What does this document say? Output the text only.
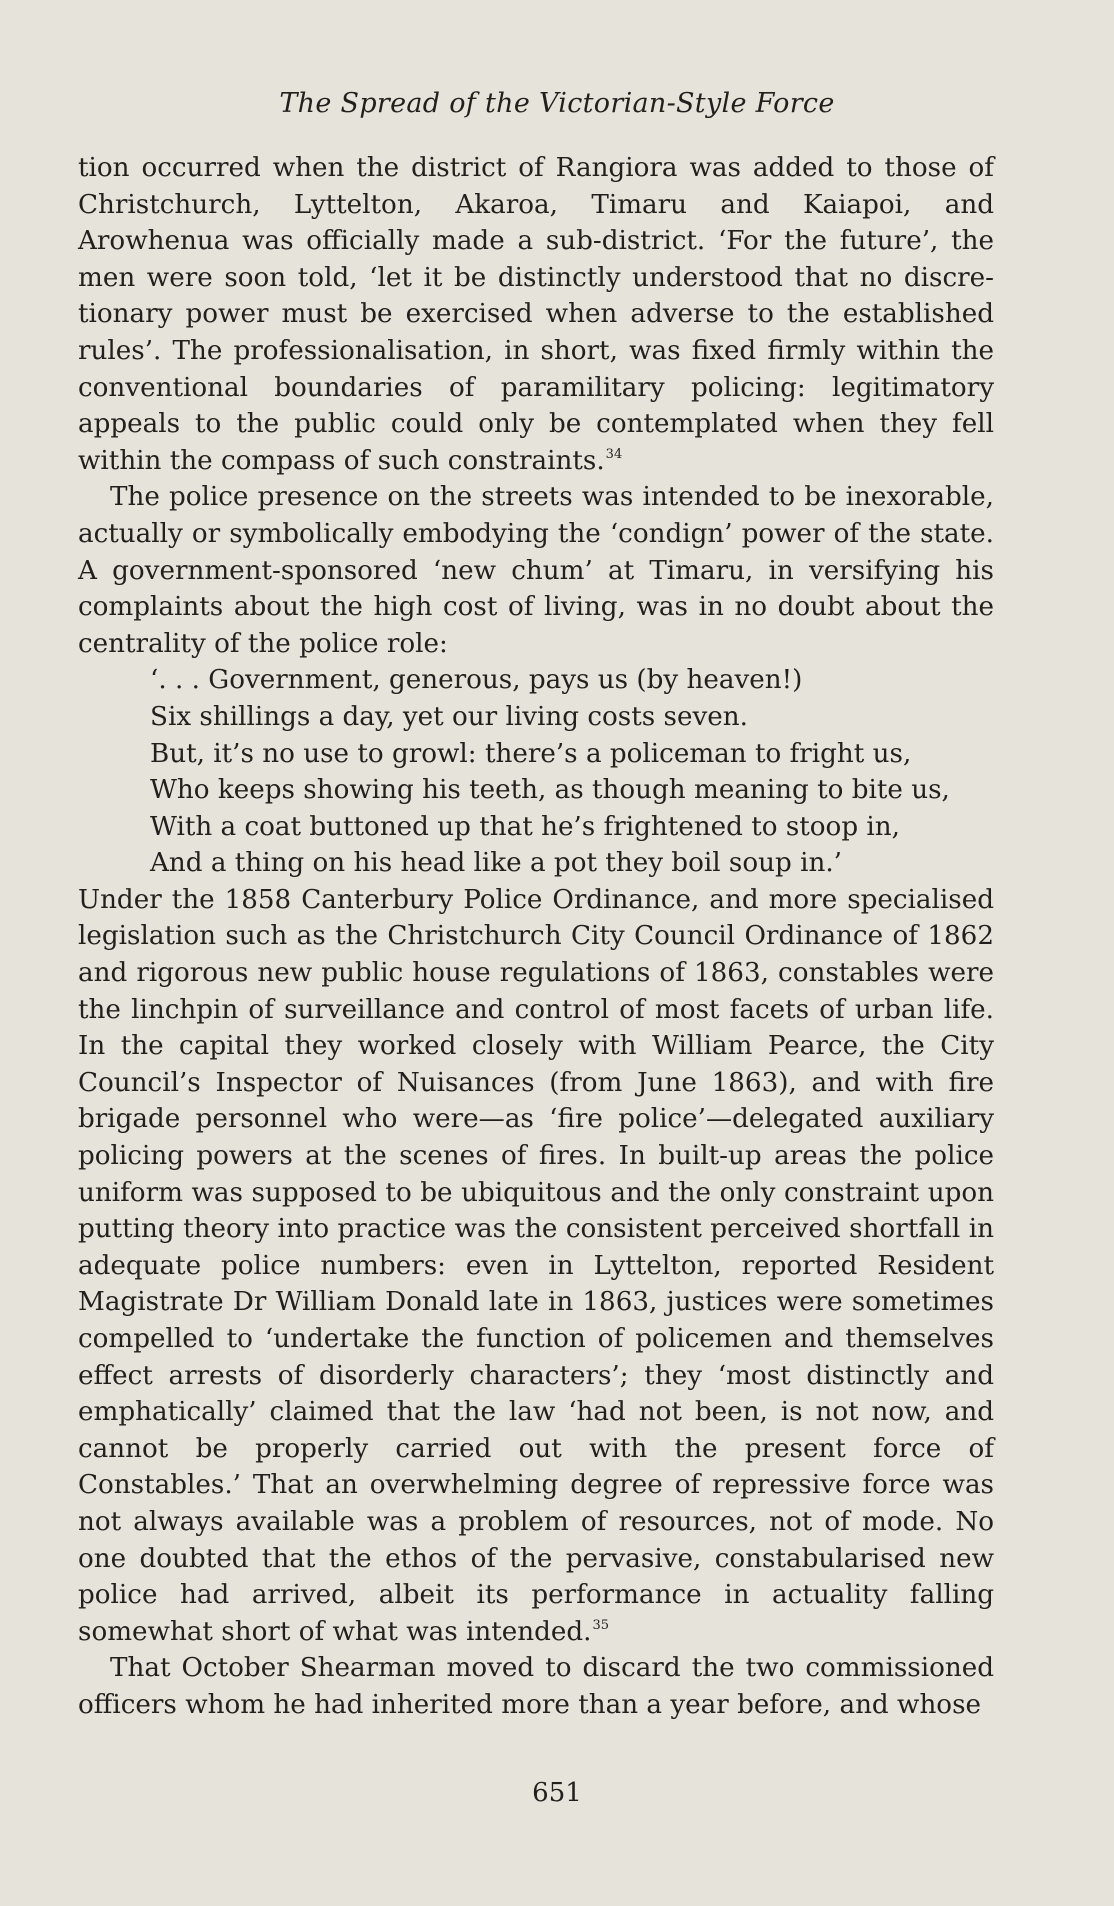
The Spread of the Victorian-Style Force

tion occurred when the district of Rangiora was added to those of Christchurch, Lyttelton, Akaroa, Timaru and Kaiapoi, and Arowhenua was officially made a sub-district. ‘For the future’, the men were soon told, ‘let it be distinctly understood that no discretionary power must be exercised when adverse to the established rules’. The professionalisation, in short, was fixed firmly within the conventional boundaries of paramilitary policing: legitimatory appeals to the public could only be contemplated when they fell within the compass of such constraints.$^{34}$

The police presence on the streets was intended to be inexorable, actually or symbolically embodying the ‘condign’ power of the state. A government-sponsored ‘new chum’ at Timaru, in versifying his complaints about the high cost of living, was in no doubt about the centrality of the police role:

‘. . . Government, generous, pays us (by heaven!)
Six shillings a day, yet our living costs seven.
But, it’s no use to growl: there’s a policeman to fright us,
Who keeps showing his teeth, as though meaning to bite us,
With a coat buttoned up that he’s frightened to stoop in,
And a thing on his head like a pot they boil soup in.’

Under the 1858 Canterbury Police Ordinance, and more specialised legislation such as the Christchurch City Council Ordinance of 1862 and rigorous new public house regulations of 1863, constables were the linchpin of surveillance and control of most facets of urban life. In the capital they worked closely with William Pearce, the City Council’s Inspector of Nuisances (from June 1863), and with fire brigade personnel who were—as ‘fire police’—delegated auxiliary policing powers at the scenes of fires. In built-up areas the police uniform was supposed to be ubiquitous and the only constraint upon putting theory into practice was the consistent perceived shortfall in adequate police numbers: even in Lyttelton, reported Resident Magistrate Dr William Donald late in 1863, justices were sometimes compelled to ‘undertake the function of policemen and themselves effect arrests of disorderly characters’; they ‘most distinctly and emphatically’ claimed that the law ‘had not been, is not now, and cannot be properly carried out with the present force of Constables.’ That an overwhelming degree of repressive force was not always available was a problem of resources, not of mode. No one doubted that the ethos of the pervasive, constabularised new police had arrived, albeit its performance in actuality falling somewhat short of what was intended.$^{35}$

That October Shearman moved to discard the two commissioned officers whom he had inherited more than a year before, and whose

651
